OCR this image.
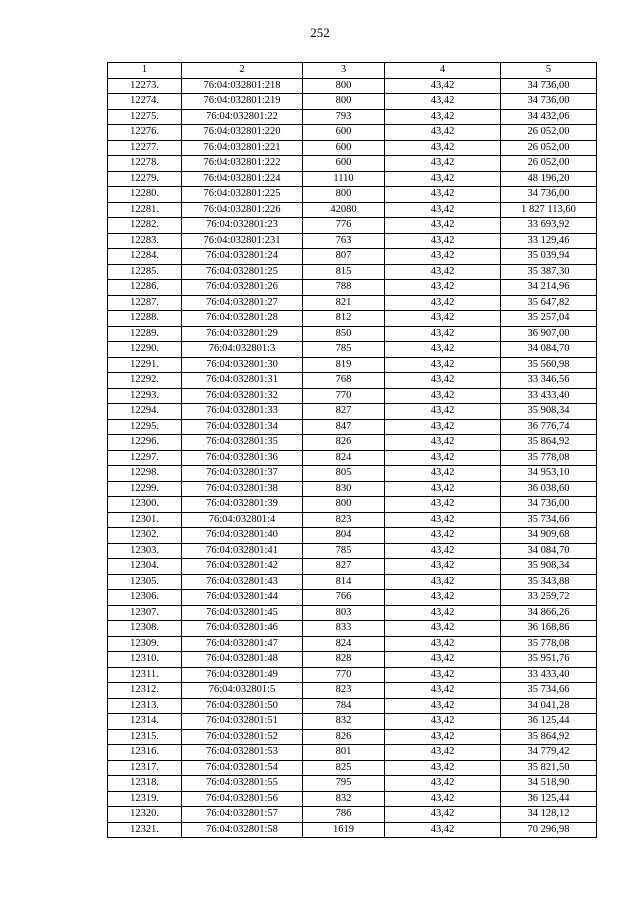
252
1	2	3	4	5
12273.	76:04:032801:218	800	43,42	34 736,00
12274.	76:04:032801:219	800	43,42	34 736,00
12275.	76:04:032801:22	793	43,42	34 432,06
12276.	76:04:032801:220	600	43,42	26 052,00
12277.	76:04:032801:221	600	43,42	26 052,00
12278.	76:04:032801:222	600	43,42	26 052,00
12279.	76:04:032801:224	1110	43,42	48 196,20
12280.	76:04:032801:225	800	43,42	34 736,00
12281.	76:04:032801:226	42080	43,42	1 827 113,60
12282.	76:04:032801:23	776	43,42	33 693,92
12283.	76:04:032801:231	763	43,42	33 129,46
12284.	76:04:032801:24	807	43,42	35 039,94
12285.	76:04:032801:25	815	43,42	35 387,30
12286.	76:04:032801:26	788	43,42	34 214,96
12287.	76:04:032801:27	821	43,42	35 647,82
12288.	76:04:032801:28	812	43,42	35 257,04
12289.	76:04:032801:29	850	43,42	36 907,00
12290.	76:04:032801:3	785	43,42	34 084,70
12291.	76:04:032801:30	819	43,42	35 560,98
12292.	76:04:032801:31	768	43,42	33 346,56
12293.	76:04:032801:32	770	43,42	33 433,40
12294.	76:04:032801:33	827	43,42	35 908,34
12295.	76:04:032801:34	847	43,42	36 776,74
12296.	76:04:032801:35	826	43,42	35 864,92
12297.	76:04:032801:36	824	43,42	35 778,08
12298.	76:04:032801:37	805	43,42	34 953,10
12299.	76:04:032801:38	830	43,42	36 038,60
12300.	76:04:032801:39	800	43,42	34 736,00
12301.	76:04:032801:4	823	43,42	35 734,66
12302.	76:04:032801:40	804	43,42	34 909,68
12303.	76:04:032801:41	785	43,42	34 084,70
12304.	76:04:032801:42	827	43,42	35 908,34
12305.	76:04:032801:43	814	43,42	35 343,88
12306.	76:04:032801:44	766	43,42	33 259,72
12307.	76:04:032801:45	803	43,42	34 866,26
12308.	76:04:032801:46	833	43,42	36 168,86
12309.	76:04:032801:47	824	43,42	35 778,08
12310.	76:04:032801:48	828	43,42	35 951,76
12311.	76:04:032801:49	770	43,42	33 433,40
12312.	76:04:032801:5	823	43,42	35 734,66
12313.	76:04:032801:50	784	43,42	34 041,28
12314.	76:04:032801:51	832	43,42	36 125,44
12315.	76:04:032801:52	826	43,42	35 864,92
12316.	76:04:032801:53	801	43,42	34 779,42
12317.	76:04:032801:54	825	43,42	35 821,50
12318.	76:04:032801:55	795	43,42	34 518,90
12319.	76:04:032801:56	832	43,42	36 125,44
12320.	76:04:032801:57	786	43,42	34 128,12
12321.	76:04:032801:58	1619	43,42	70 296,98
